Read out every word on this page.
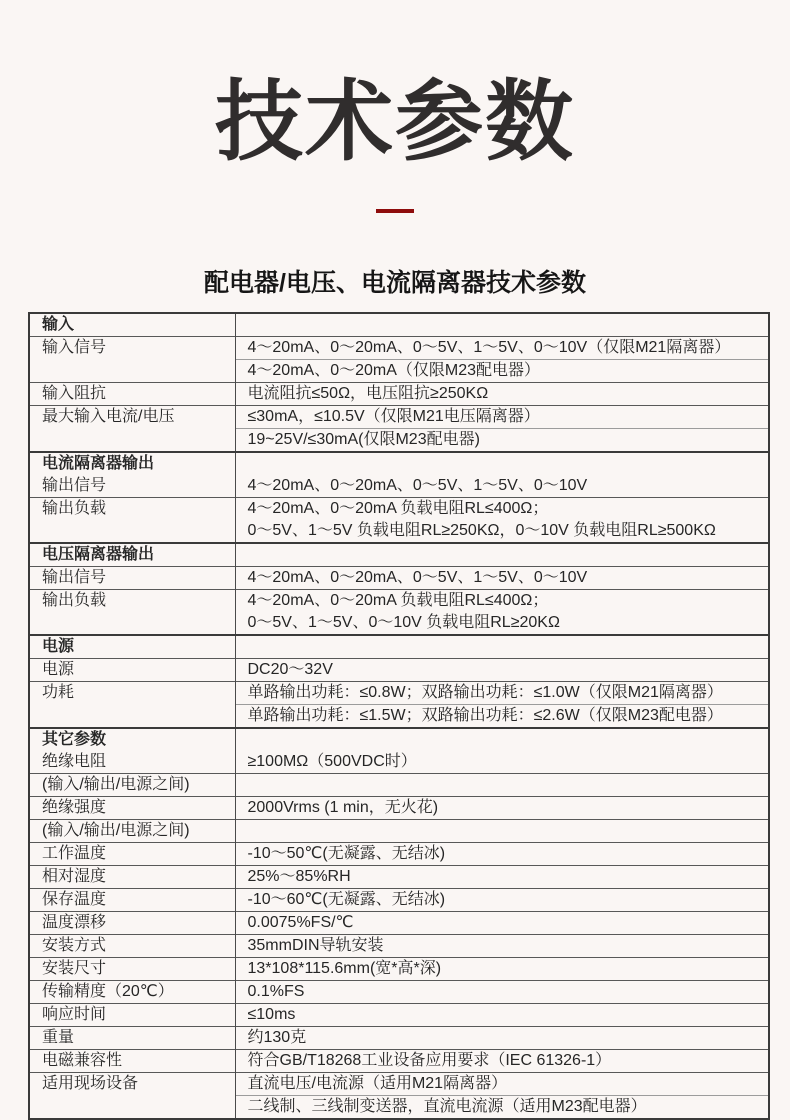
技术参数
配电器/电压、电流隔离器技术参数
输入	
输入信号	4～20mA、0～20mA、0～5V、1～5V、0～10V（仅限M21隔离器）
	4～20mA、0～20mA（仅限M23配电器）
输入阻抗	电流阻抗≤50Ω，电压阻抗≥250KΩ
最大输入电流/电压	≤30mA，≤10.5V（仅限M21电压隔离器）
	19~25V/≤30mA(仅限M23配电器)

电流隔离器输出
输出信号	4～20mA、0～20mA、0～5V、1～5V、0～10V

输出负载	4～20mA、0～20mA 负载电阻RL≤400Ω；
0～5V、1～5V 负载电阻RL≥250KΩ，0～10V 负载电阻RL≥500KΩ

电压隔离器输出	
输出信号	4～20mA、0～20mA、0～5V、1～5V、0～10V
输出负载	4～20mA、0～20mA 负载电阻RL≤400Ω；
0～5V、1～5V、0～10V 负载电阻RL≥20KΩ

电源	
电源	DC20～32V
功耗	单路输出功耗：≤0.8W；双路输出功耗：≤1.0W（仅限M21隔离器）
	单路输出功耗：≤1.5W；双路输出功耗：≤2.6W（仅限M23配电器）

其它参数
绝缘电阻	≥100MΩ（500VDC时）

(输入/输出/电源之间)	
绝缘强度	2000Vrms (1 min，无火花)
(输入/输出/电源之间)	
工作温度	-10～50℃(无凝露、无结冰)
相对湿度	25%～85%RH
保存温度	-10～60℃(无凝露、无结冰)
温度漂移	0.0075%FS/℃
安装方式	35mmDIN导轨安装
安装尺寸	13*108*115.6mm(宽*高*深)
传输精度（20℃）	0.1%FS
响应时间	≤10ms
重量	约130克
电磁兼容性	符合GB/T18268工业设备应用要求（IEC 61326-1）
适用现场设备	直流电压/电流源（适用M21隔离器）
	二线制、三线制变送器，直流电流源（适用M23配电器）
